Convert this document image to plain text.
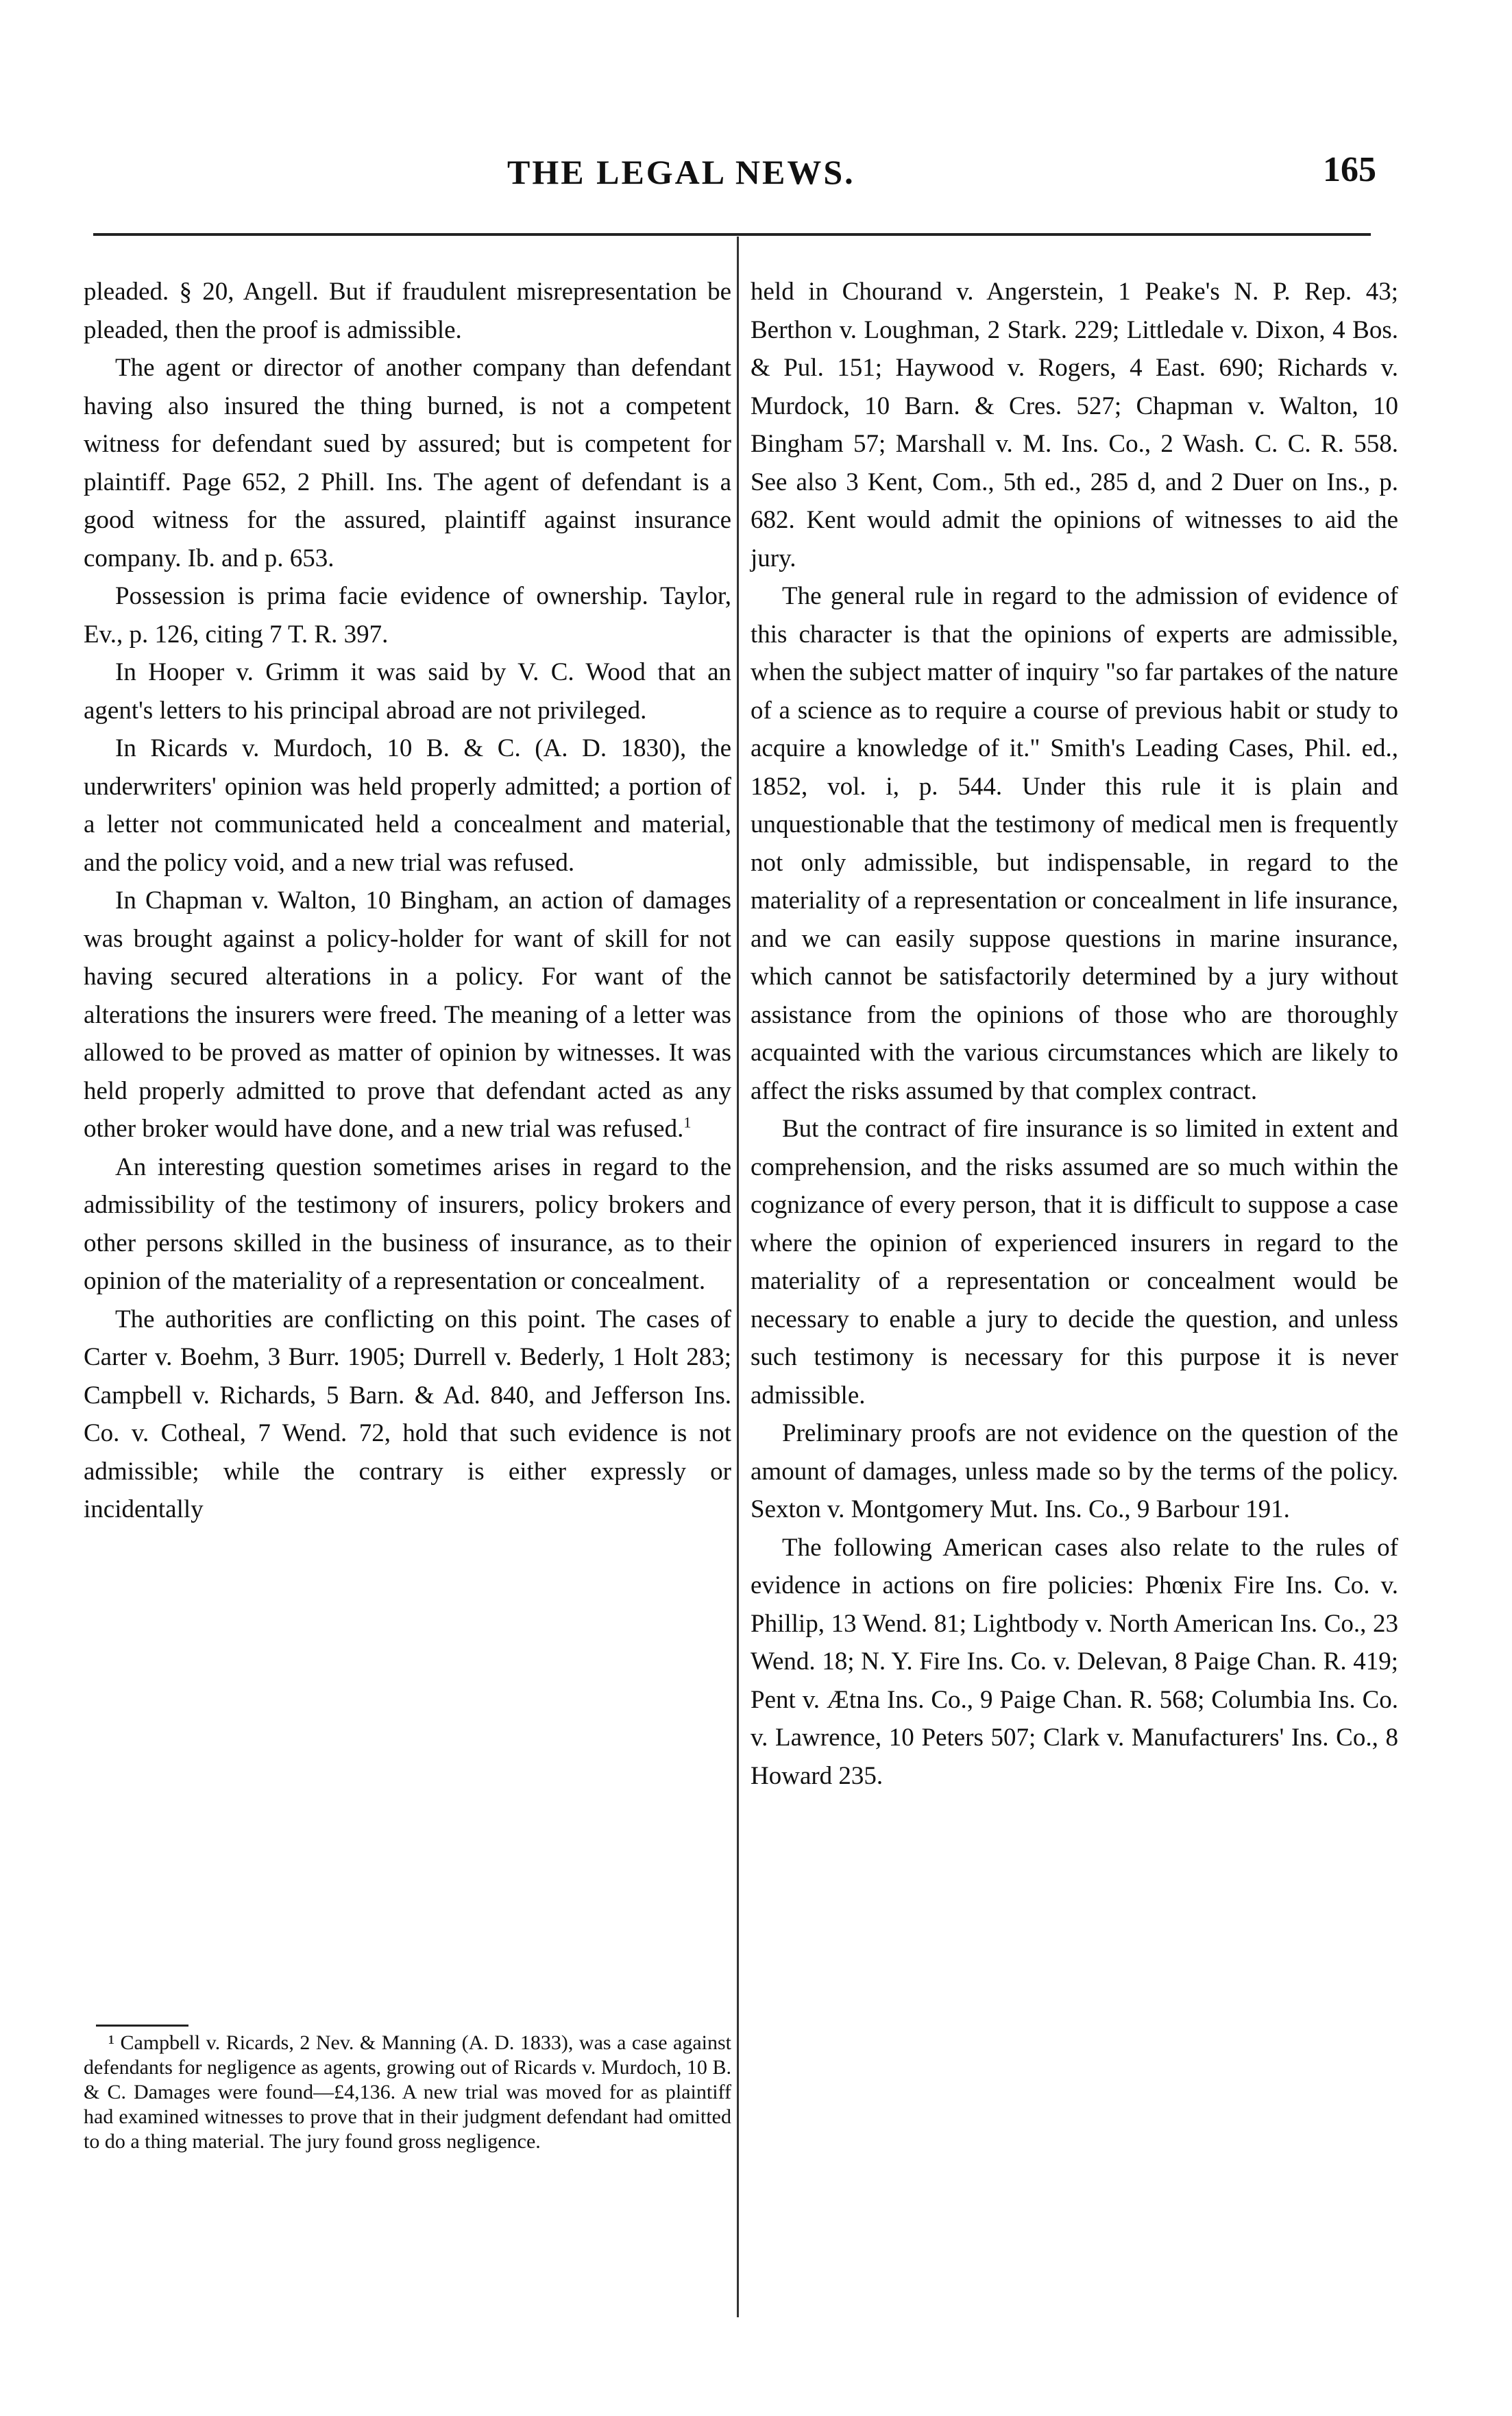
THE LEGAL NEWS.	165

pleaded. § 20, Angell. But if fraudulent misrepresentation be pleaded, then the proof is admissible.

The agent or director of another company than defendant having also insured the thing burned, is not a competent witness for defendant sued by assured; but is competent for plaintiff. Page 652, 2 Phill. Ins. The agent of defendant is a good witness for the assured, plaintiff against insurance company. Ib. and p. 653.

Possession is prima facie evidence of ownership. Taylor, Ev., p. 126, citing 7 T. R. 397.

In Hooper v. Grimm it was said by V. C. Wood that an agent's letters to his principal abroad are not privileged.

In Ricards v. Murdoch, 10 B. & C. (A. D. 1830), the underwriters' opinion was held properly admitted; a portion of a letter not communicated held a concealment and material, and the policy void, and a new trial was refused.

In Chapman v. Walton, 10 Bingham, an action of damages was brought against a policy-holder for want of skill for not having secured alterations in a policy. For want of the alterations the insurers were freed. The meaning of a letter was allowed to be proved as matter of opinion by witnesses. It was held properly admitted to prove that defendant acted as any other broker would have done, and a new trial was refused.$^1$

An interesting question sometimes arises in regard to the admissibility of the testimony of insurers, policy brokers and other persons skilled in the business of insurance, as to their opinion of the materiality of a representation or concealment.

The authorities are conflicting on this point. The cases of Carter v. Boehm, 3 Burr. 1905; Durrell v. Bederly, 1 Holt 283; Campbell v. Richards, 5 Barn. & Ad. 840, and Jefferson Ins. Co. v. Cotheal, 7 Wend. 72, hold that such evidence is not admissible; while the contrary is either expressly or incidentally

¹ Campbell v. Ricards, 2 Nev. & Manning (A. D. 1833), was a case against defendants for negligence as agents, growing out of Ricards v. Murdoch, 10 B. & C. Damages were found—£4,136. A new trial was moved for as plaintiff had examined witnesses to prove that in their judgment defendant had omitted to do a thing material. The jury found gross negligence.

held in Chourand v. Angerstein, 1 Peake's N. P. Rep. 43; Berthon v. Loughman, 2 Stark. 229; Littledale v. Dixon, 4 Bos. & Pul. 151; Haywood v. Rogers, 4 East. 690; Richards v. Murdock, 10 Barn. & Cres. 527; Chapman v. Walton, 10 Bingham 57; Marshall v. M. Ins. Co., 2 Wash. C. C. R. 558. See also 3 Kent, Com., 5th ed., 285 d, and 2 Duer on Ins., p. 682. Kent would admit the opinions of witnesses to aid the jury.

The general rule in regard to the admission of evidence of this character is that the opinions of experts are admissible, when the subject matter of inquiry "so far partakes of the nature of a science as to require a course of previous habit or study to acquire a knowledge of it." Smith's Leading Cases, Phil. ed., 1852, vol. i, p. 544. Under this rule it is plain and unquestionable that the testimony of medical men is frequently not only admissible, but indispensable, in regard to the materiality of a representation or concealment in life insurance, and we can easily suppose questions in marine insurance, which cannot be satisfactorily determined by a jury without assistance from the opinions of those who are thoroughly acquainted with the various circumstances which are likely to affect the risks assumed by that complex contract.

But the contract of fire insurance is so limited in extent and comprehension, and the risks assumed are so much within the cognizance of every person, that it is difficult to suppose a case where the opinion of experienced insurers in regard to the materiality of a representation or concealment would be necessary to enable a jury to decide the question, and unless such testimony is necessary for this purpose it is never admissible.

Preliminary proofs are not evidence on the question of the amount of damages, unless made so by the terms of the policy. Sexton v. Montgomery Mut. Ins. Co., 9 Barbour 191.

The following American cases also relate to the rules of evidence in actions on fire policies: Phœnix Fire Ins. Co. v. Phillip, 13 Wend. 81; Lightbody v. North American Ins. Co., 23 Wend. 18; N. Y. Fire Ins. Co. v. Delevan, 8 Paige Chan. R. 419; Pent v. Ætna Ins. Co., 9 Paige Chan. R. 568; Columbia Ins. Co. v. Lawrence, 10 Peters 507; Clark v. Manufacturers' Ins. Co., 8 Howard 235.
